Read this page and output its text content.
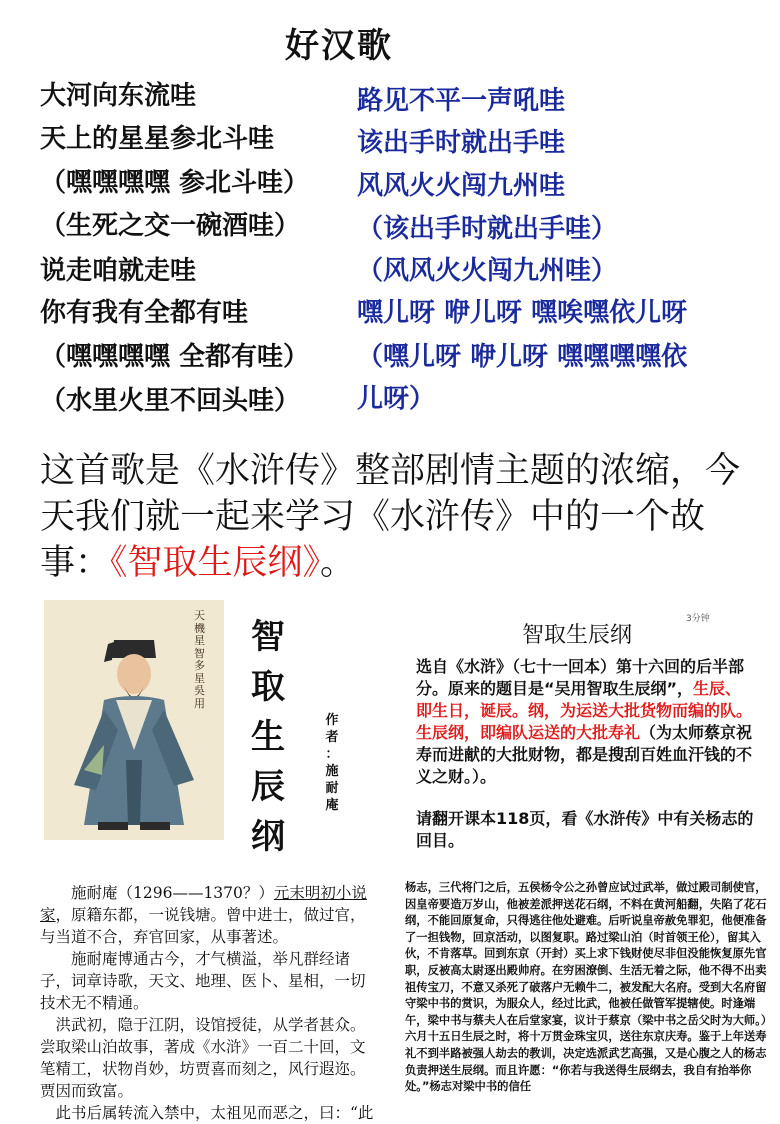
好汉歌
大河向东流哇
天上的星星参北斗哇
（嘿嘿嘿嘿 参北斗哇）
（生死之交一碗酒哇）
说走咱就走哇
你有我有全都有哇
（嘿嘿嘿嘿 全都有哇）
（水里火里不回头哇）
路见不平一声吼哇
该出手时就出手哇
风风火火闯九州哇
（该出手时就出手哇）
（风风火火闯九州哇）
嘿儿呀 咿儿呀 嘿唉嘿依儿呀
（嘿儿呀 咿儿呀 嘿嘿嘿嘿依
儿呀）
这首歌是《水浒传》整部剧情主题的浓缩，今天我们就一起来学习《水浒传》中的一个故事：《智取生辰纲》。
天機星智多星吳用
智
取
生
辰
纲
作
者
：
施
耐
庵
智取生辰纲
3分钟
选自《水浒》（七十一回本）第十六回的后半部分。原来的题目是“吴用智取生辰纲”，生辰、即生日，诞辰。纲，为运送大批货物而编的队。生辰纲，即编队运送的大批寿礼（为太师蔡京祝寿而进献的大批财物，都是搜刮百姓血汗钱的不义之财。）。
请翻开课本118页，看《水浒传》中有关杨志的回目。

施耐庵（1296——1370？）元末明初小说家，原籍东都，一说钱塘。曾中进士，做过官，与当道不合，弃官回家，从事著述。

施耐庵博通古今，才气横溢，举凡群经诸子，词章诗歌，天文、地理、医卜、星相，一切技术无不精通。

洪武初，隐于江阴，设馆授徒，从学者甚众。尝取梁山泊故事，著成《水浒》一百二十回，文笔精工，状物肖妙，坊贾喜而刻之，风行遐迩。贾因而致富。

此书后属转流入禁中，太祖见而恶之，曰：“此

杨志，三代将门之后，五侯杨令公之孙曾应试过武举，做过殿司制使官，因皇帝要造万岁山，他被差派押送花石纲，不料在黄河船翻，失陷了花石纲，不能回原复命，只得逃往他处避难。后听说皇帝赦免罪犯，他便准备了一担钱物，回京活动，以图复职。路过梁山泊（时首领王伦），留其入伙，不肯落草。回到东京（开封）买上求下钱财使尽非但没能恢复原先官职，反被高太尉逐出殿帅府。在穷困潦倒、生活无着之际，他不得不出卖祖传宝刀，不意又杀死了破落户无赖牛二，被发配大名府。受到大名府留守梁中书的赏识，为服众人，经过比武，他被任做管军提辖使。时逢端午，梁中书与蔡夫人在后堂家宴，议计于蔡京（梁中书之岳父时为大师。）六月十五日生辰之时，将十万贯金珠宝贝，送往东京庆寿。鉴于上年送寿礼不到半路被强人劫去的教训，决定选派武艺高强，又是心腹之人的杨志负责押送生辰纲。而且许愿：“你若与我送得生辰纲去，我自有抬举你处。”杨志对梁中书的信任
